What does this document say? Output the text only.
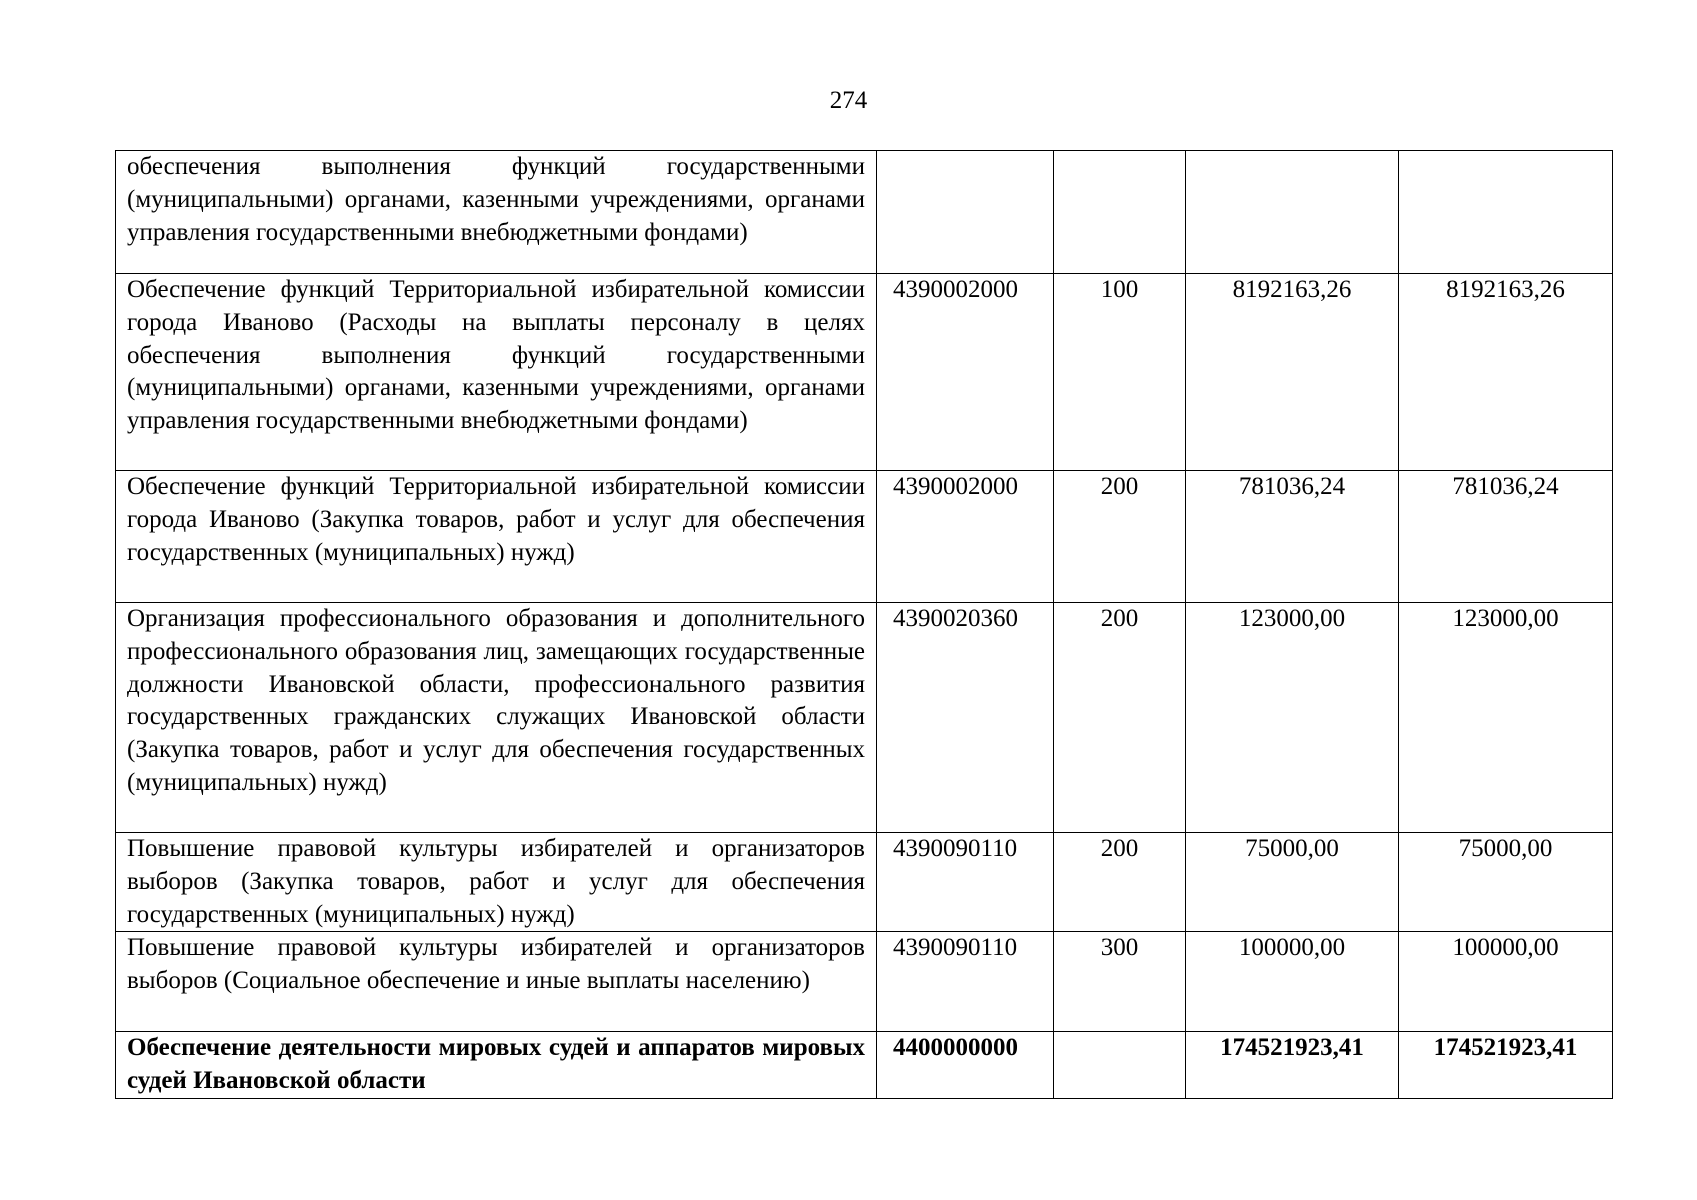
274
обеспечения выполнения функций государственными (муниципальными) органами, казенными учреждениями, органами управления государственными внебюджетными фондами)				
Обеспечение функций Территориальной избирательной комиссии города Иваново (Расходы на выплаты персоналу в целях обеспечения выполнения функций государственными (муниципальными) органами, казенными учреждениями, органами управления государственными внебюджетными фондами)	4390002000	100	8192163,26	8192163,26
Обеспечение функций Территориальной избирательной комиссии города Иваново (Закупка товаров, работ и услуг для обеспечения государственных (муниципальных) нужд)	4390002000	200	781036,24	781036,24
Организация профессионального образования и дополнительного профессионального образования лиц, замещающих государственные должности Ивановской области, профессионального развития государственных гражданских служащих Ивановской области (Закупка товаров, работ и услуг для обеспечения государственных (муниципальных) нужд)	4390020360	200	123000,00	123000,00
Повышение правовой культуры избирателей и организаторов выборов (Закупка товаров, работ и услуг для обеспечения государственных (муниципальных) нужд)	4390090110	200	75000,00	75000,00
Повышение правовой культуры избирателей и организаторов выборов (Социальное обеспечение и иные выплаты населению)	4390090110	300	100000,00	100000,00
Обеспечение деятельности мировых судей и аппаратов мировых судей Ивановской области	4400000000		174521923,41	174521923,41
